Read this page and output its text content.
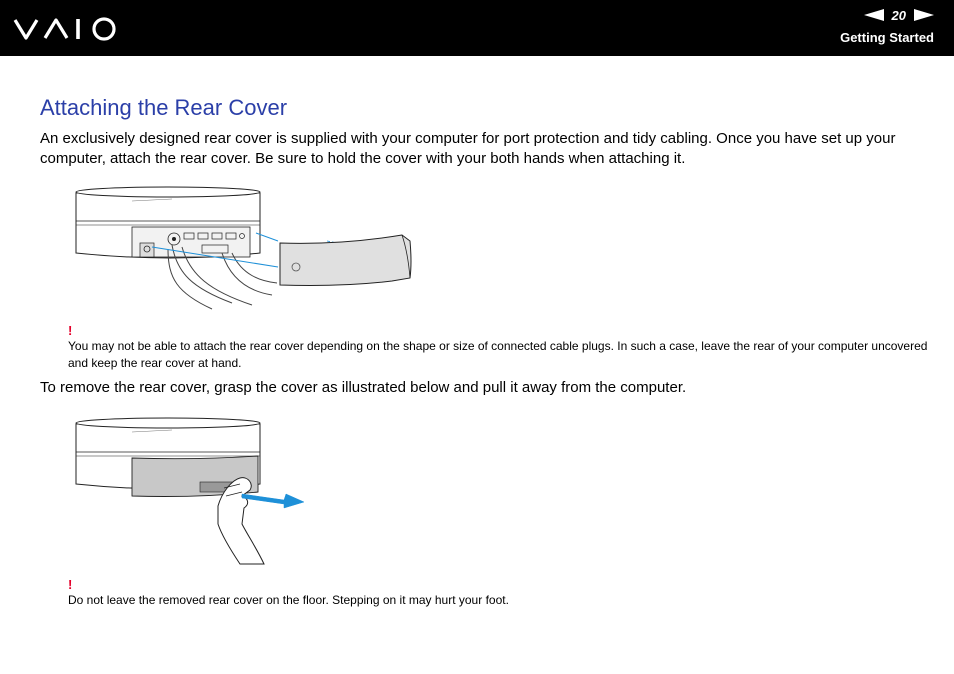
20
Getting Started
Attaching the Rear Cover

An exclusively designed rear cover is supplied with your computer for port protection and tidy cabling. Once you have set up your computer, attach the rear cover. Be sure to hold the cover with your both hands when attaching it.

!

You may not be able to attach the rear cover depending on the shape or size of connected cable plugs. In such a case, leave the rear of your computer uncovered and keep the rear cover at hand.

To remove the rear cover, grasp the cover as illustrated below and pull it away from the computer.

!

Do not leave the removed rear cover on the floor. Stepping on it may hurt your foot.
